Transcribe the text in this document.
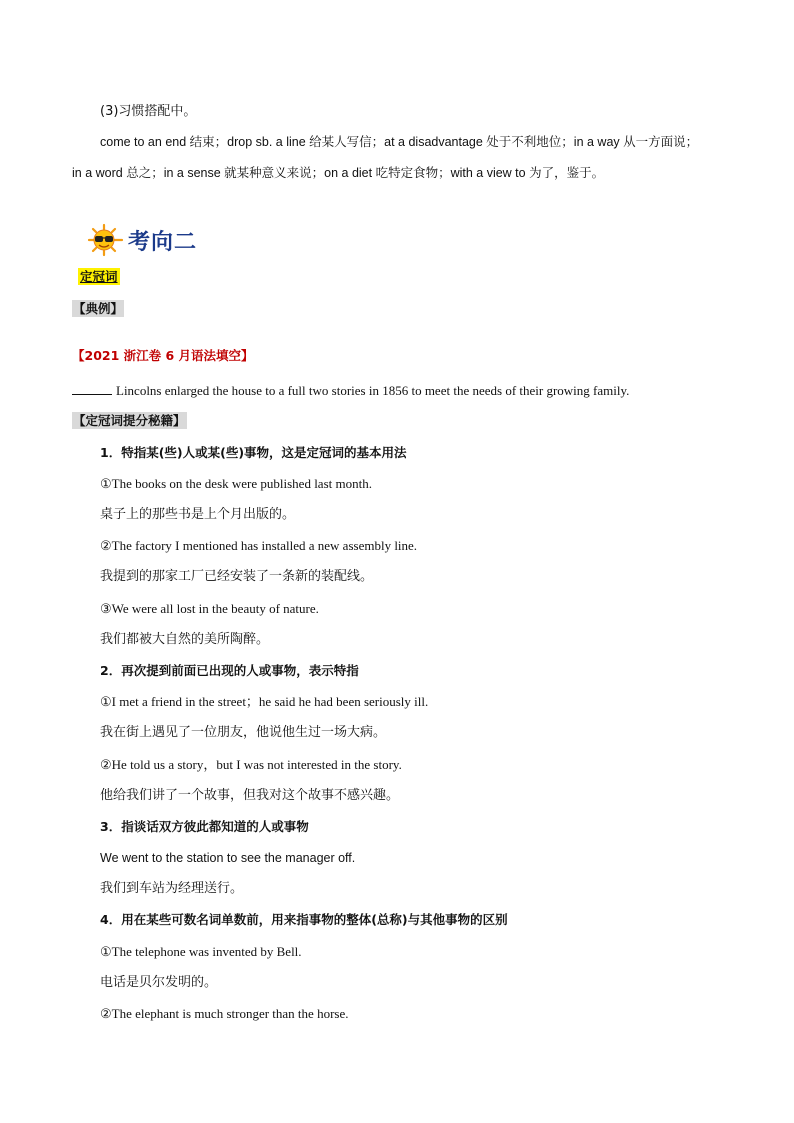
(3)习惯搭配中。
come to an end 结束；drop sb. a line 给某人写信；at a disadvantage 处于不利地位；in a way 从一方面说；
in a word 总之；in a sense 就某种意义来说；on a diet 吃特定食物；with a view to 为了，鉴于。
考向二
定冠词
【典例】
【2021 浙江卷 6 月语法填空】
Lincolns enlarged the house to a full two stories in 1856 to meet the needs of their growing family.
【定冠词提分秘籍】
1．特指某(些)人或某(些)事物，这是定冠词的基本用法
①The books on the desk were published last month.
桌子上的那些书是上个月出版的。
②The factory I mentioned has installed a new assembly line.
我提到的那家工厂已经安装了一条新的装配线。
③We were all lost in the beauty of nature.
我们都被大自然的美所陶醉。
2．再次提到前面已出现的人或事物，表示特指
①I met a friend in the street；he said he had been seriously ill.
我在街上遇见了一位朋友，他说他生过一场大病。
②He told us a story，but I was not interested in the story.
他给我们讲了一个故事，但我对这个故事不感兴趣。
3．指谈话双方彼此都知道的人或事物
We went to the station to see the manager off.
我们到车站为经理送行。
4．用在某些可数名词单数前，用来指事物的整体(总称)与其他事物的区别
①The telephone was invented by Bell.
电话是贝尔发明的。
②The elephant is much stronger than the horse.
